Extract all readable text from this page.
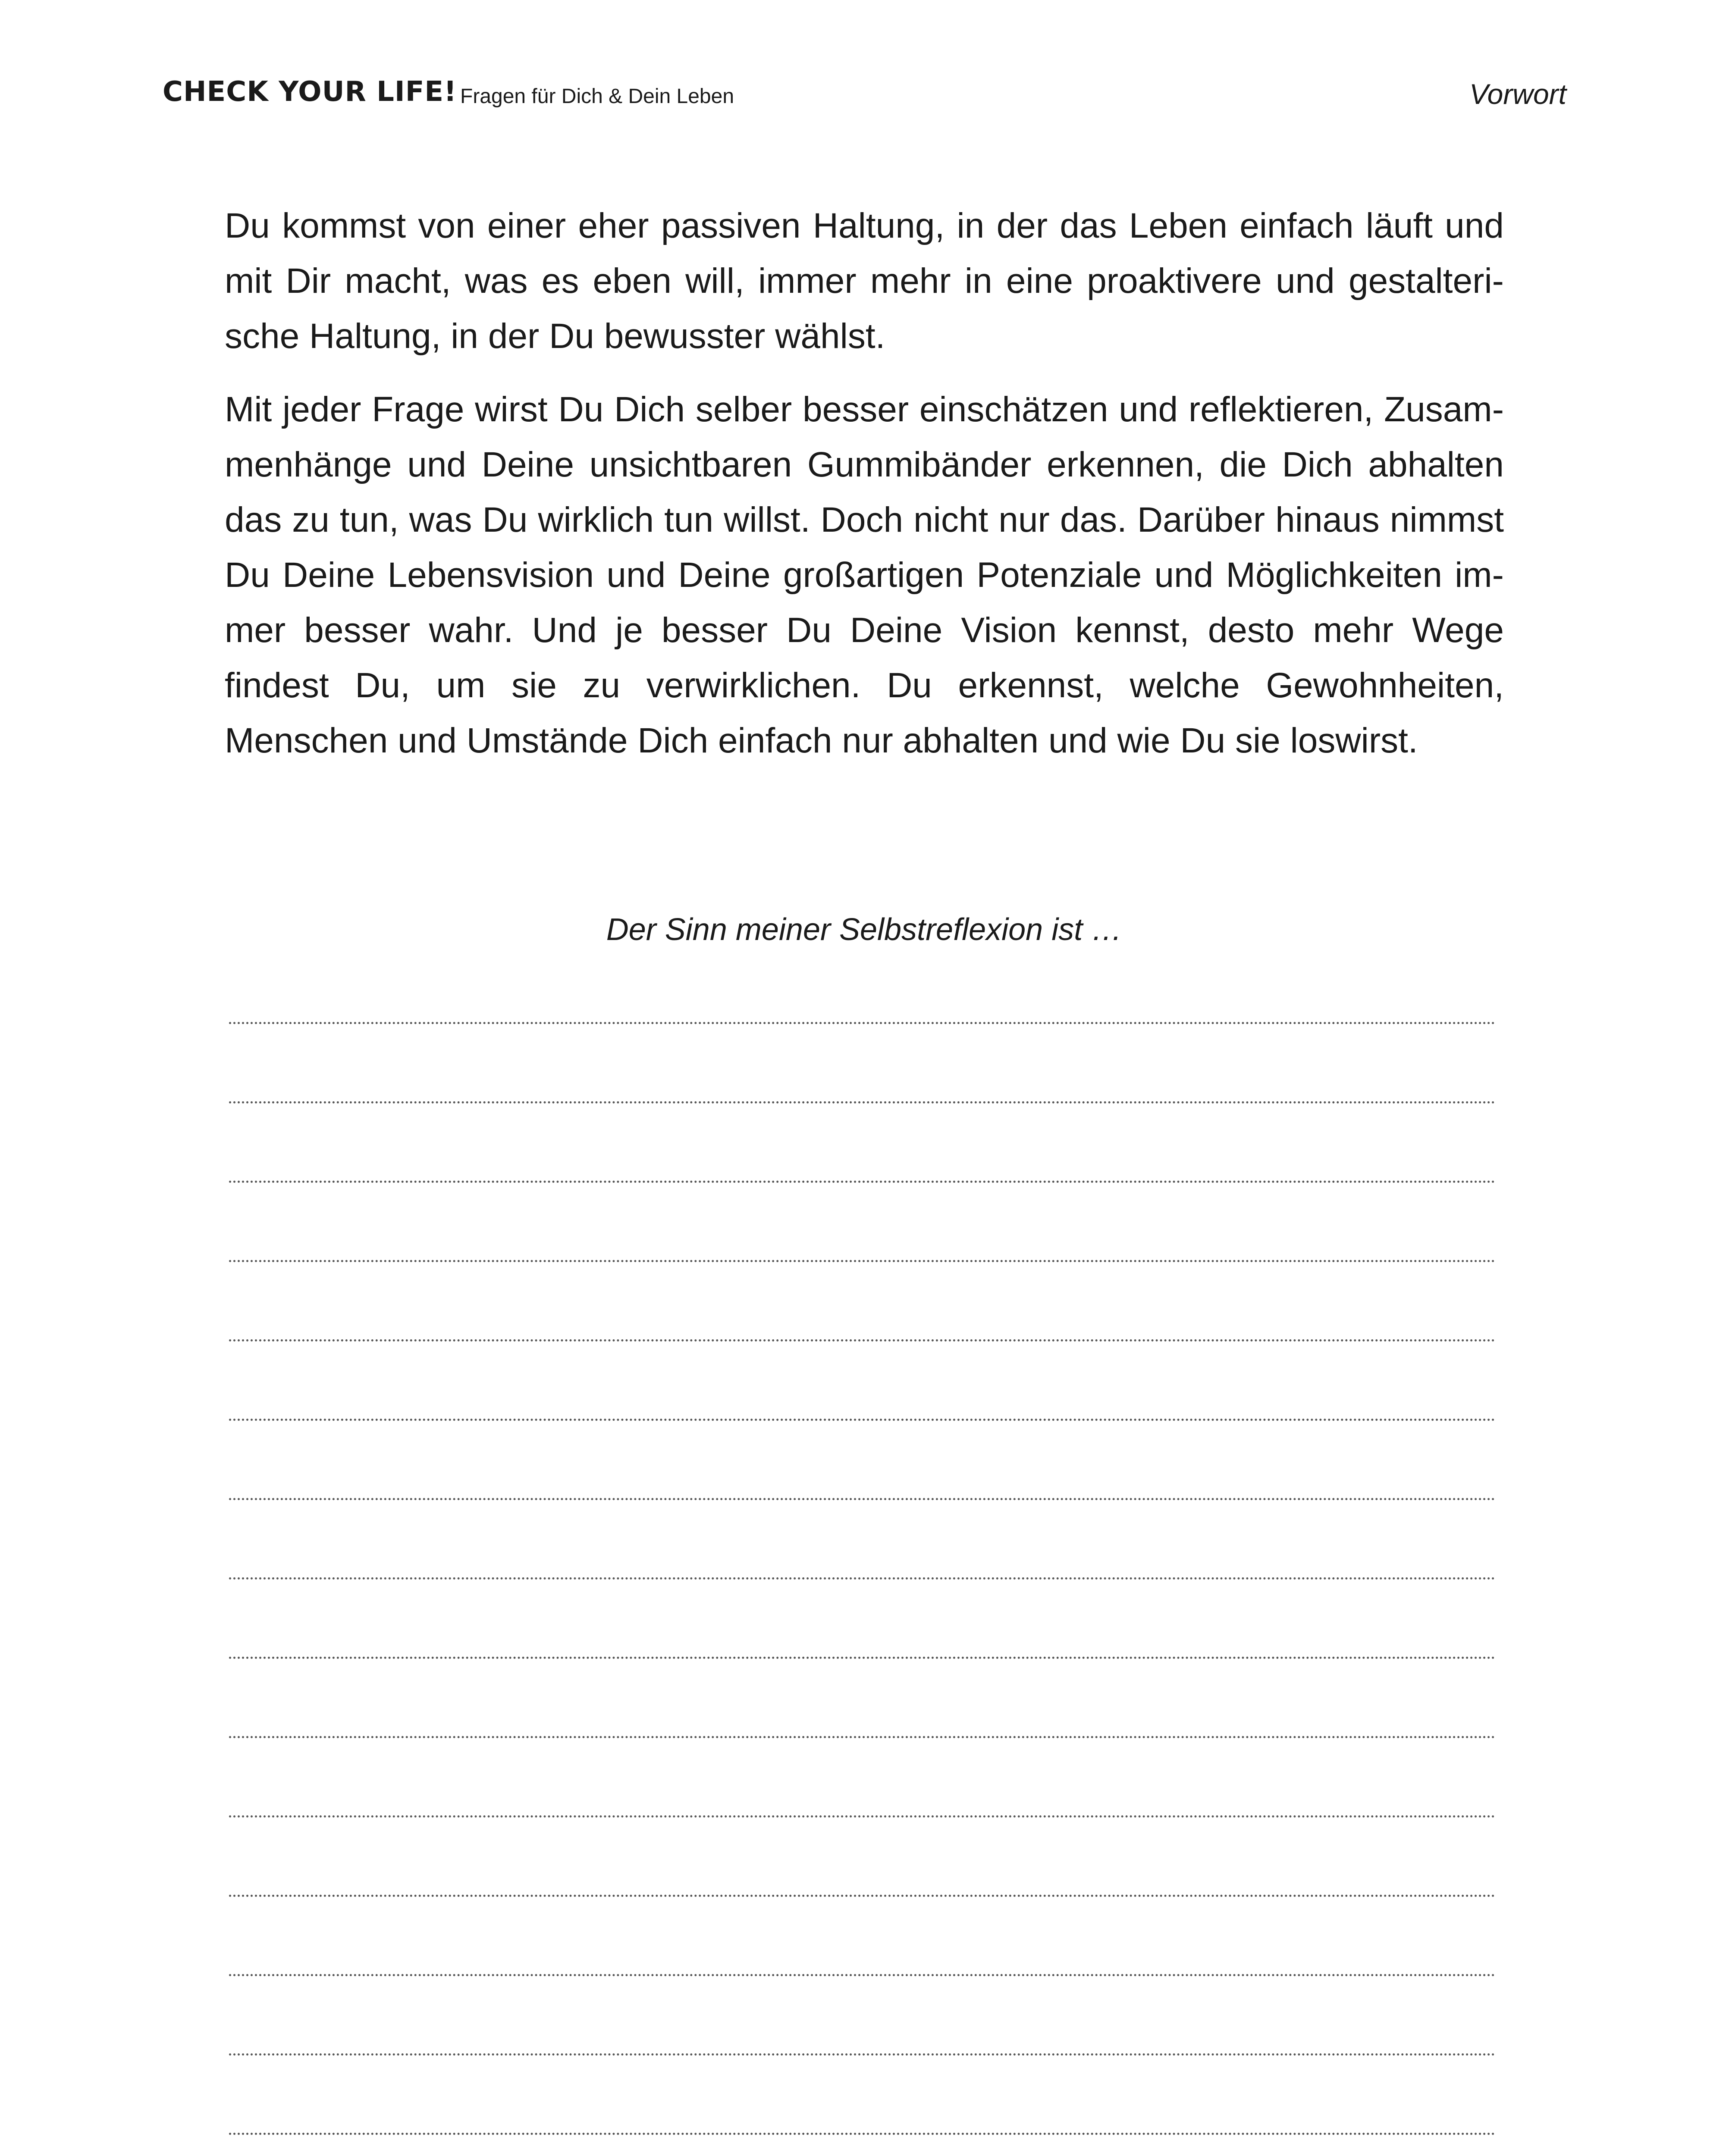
CHECK YOUR LIFE! Fragen für Dich & Dein Leben	Vorwort

Du kommst von einer eher passiven Haltung, in der das Leben einfach läuft und mit Dir macht, was es eben will, immer mehr in eine proaktivere und gestalteri-sche Haltung, in der Du bewusster wählst.

Mit jeder Frage wirst Du Dich selber besser einschätzen und reflektieren, Zusam-menhänge und Deine unsichtbaren Gummibänder erkennen, die Dich abhalten das zu tun, was Du wirklich tun willst. Doch nicht nur das. Darüber hinaus nimmst Du Deine Lebensvision und Deine großartigen Potenziale und Möglichkeiten im-mer besser wahr. Und je besser Du Deine Vision kennst, desto mehr Wege findest Du, um sie zu verwirklichen. Du erkennst, welche Gewohnheiten, Menschen und Umstände Dich einfach nur abhalten und wie Du sie loswirst.

Der Sinn meiner Selbstreflexion ist …
